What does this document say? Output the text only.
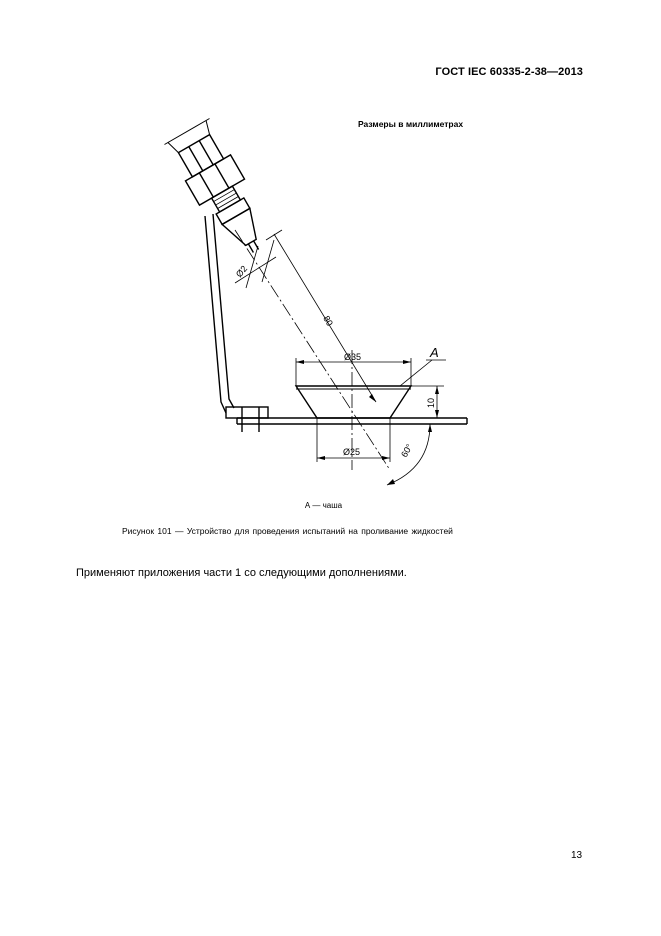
ГОСТ IEC 60335-2-38—2013
Размеры в миллиметрах
Ø2
80
Ø35
10
Ø25	60°
А
А — чаша
Рисунок 101 — Устройство для проведения испытаний на проливание жидкостей
Применяют приложения части 1 со следующими дополнениями.
13
